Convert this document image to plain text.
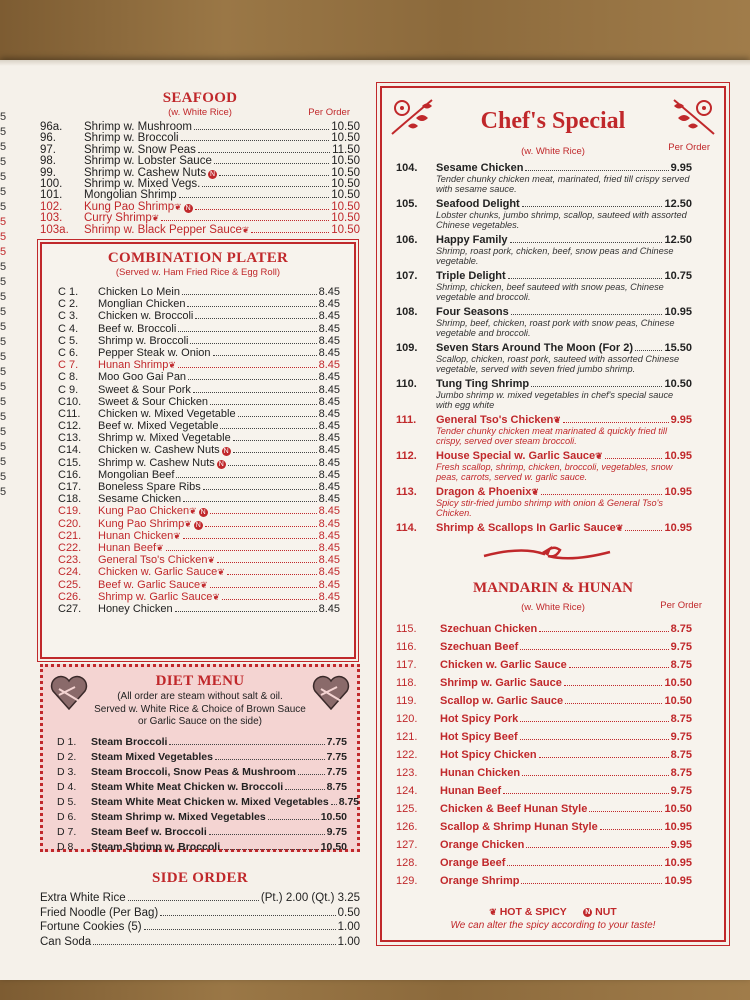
5
5
5
5
5
5
5
5
5
5
5
5
5
5
5
5
5
5
5
5
5
5
5
5
5
5
SEAFOOD
(w. White Rice)	Per Order
96a.	Shrimp w. Mushroom	10.50
96.	Shrimp w. Broccoli	10.50
97.	Shrimp w. Snow Peas	11.50
98.	Shrimp w. Lobster Sauce	10.50
99.	Shrimp w. Cashew Nuts N	10.50
100.	Shrimp w. Mixed Vegs.	10.50
101.	Mongolian Shrimp	10.50
102.	Kung Pao Shrimp ❦ N	10.50
103.	Curry Shrimp ❦	10.50
103a.	Shrimp w. Black Pepper Sauce ❦	10.50
COMBINATION PLATER
(Served w. Ham Fried Rice & Egg Roll)
C 1.	Chicken Lo Mein	8.45
C 2.	Monglian Chicken	8.45
C 3.	Chicken w. Broccoli	8.45
C 4.	Beef w. Broccoli	8.45
C 5.	Shrimp w. Broccoli	8.45
C 6.	Pepper Steak w. Onion	8.45
C 7.	Hunan Shrimp ❦	8.45
C 8.	Moo Goo Gai Pan	8.45
C 9.	Sweet & Sour Pork	8.45
C10.	Sweet & Sour Chicken	8.45
C11.	Chicken w. Mixed Vegetable	8.45
C12.	Beef w. Mixed Vegetable	8.45
C13.	Shrimp w. Mixed Vegetable	8.45
C14.	Chicken w. Cashew Nuts N	8.45
C15.	Shrimp w. Cashew Nuts N	8.45
C16.	Mongolian Beef	8.45
C17.	Boneless Spare Ribs	8.45
C18.	Sesame Chicken	8.45
C19.	Kung Pao Chicken ❦ N	8.45
C20.	Kung Pao Shrimp ❦ N	8.45
C21.	Hunan Chicken ❦	8.45
C22.	Hunan Beef ❦	8.45
C23.	General Tso's Chicken ❦	8.45
C24.	Chicken w. Garlic Sauce ❦	8.45
C25.	Beef w. Garlic Sauce ❦	8.45
C26.	Shrimp w. Garlic Sauce ❦	8.45
C27.	Honey Chicken	8.45
DIET MENU
(All order are steam without salt & oil.
Served w. White Rice & Choice of Brown Sauce
or Garlic Sauce on the side)
D 1.	Steam Broccoli	7.75
D 2.	Steam Mixed Vegetables	7.75
D 3.	Steam Broccoli, Snow Peas & Mushroom	7.75
D 4.	Steam White Meat Chicken w. Broccoli	8.75
D 5.	Steam White Meat Chicken w. Mixed Vegetables 8.75
D 6.	Steam Shrimp w. Mixed Vegetables	10.50
D 7.	Steam Beef w. Broccoli	9.75
D 8.	Steam Shrimp w. Broccoli	10.50
SIDE ORDER
Extra White Rice	(Pt.) 2.00 (Qt.) 3.25
Fried Noodle (Per Bag)	0.50
Fortune Cookies (5)	1.00
Can Soda	1.00
Chef's Special
(w. White Rice)	Per Order
104.	Sesame Chicken	9.95
Tender chunky chicken meat, marinated, fried till crispy served with sesame sauce.
105.	Seafood Delight	12.50
Lobster chunks, jumbo shrimp, scallop, sauteed with assorted Chinese vegetables.
106.	Happy Family	12.50
Shrimp, roast pork, chicken, beef, snow peas and Chinese vegetable.
107.	Triple Delight	10.75
Shrimp, chicken, beef sauteed with snow peas, Chinese vegetable and broccoli.
108.	Four Seasons	10.95
Shrimp, beef, chicken, roast pork with snow peas, Chinese vegetable and broccoli.
109.	Seven Stars Around The Moon (For 2)	15.50
Scallop, chicken, roast pork, sauteed with assorted Chinese vegetable, served with seven fried jumbo shrimp.
110.	Tung Ting Shrimp	10.50
Jumbo shrimp w. mixed vegetables in chef's special sauce with egg white
111.	General Tso's Chicken ❦	9.95
Tender chunky chicken meat marinated & quickly fried till crispy, served over steam broccoli.
112.	House Special w. Garlic Sauce ❦	10.95
Fresh scallop, shrimp, chicken, broccoli, vegetables, snow peas, carrots, served w. garlic sauce.
113.	Dragon & Phoenix ❦	10.95
Spicy stir-fried jumbo shrimp with onion & General Tso's Chicken.
114.	Shrimp & Scallops In Garlic Sauce ❦	10.95
MANDARIN & HUNAN
(w. White Rice)	Per Order
115.	Szechuan Chicken	8.75
116.	Szechuan Beef	9.75
117.	Chicken w. Garlic Sauce	8.75
118.	Shrimp w. Garlic Sauce	10.50
119.	Scallop w. Garlic Sauce	10.50
120.	Hot Spicy Pork	8.75
121.	Hot Spicy Beef	9.75
122.	Hot Spicy Chicken	8.75
123.	Hunan Chicken	8.75
124.	Hunan Beef	9.75
125.	Chicken & Beef Hunan Style	10.50
126.	Scallop & Shrimp Hunan Style	10.95
127.	Orange Chicken	9.95
128.	Orange Beef	10.95
129.	Orange Shrimp	10.95
❦ HOT & SPICY	N NUT
We can alter the spicy according to your taste!
